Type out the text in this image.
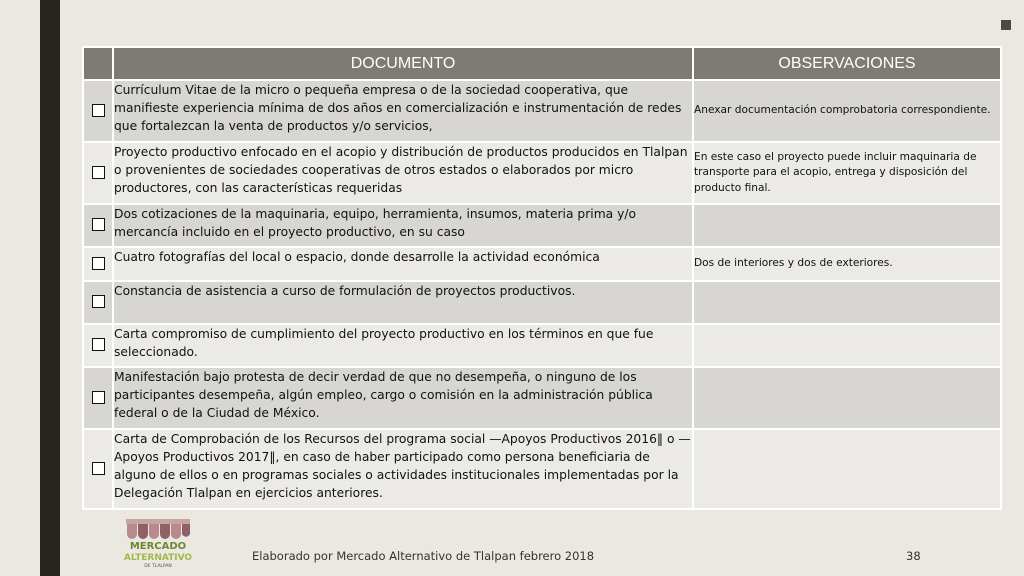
	DOCUMENTO	OBSERVACIONES
	Currículum Vitae de la micro o pequeña empresa o de la sociedad cooperativa, que manifieste experiencia mínima de dos años en comercialización e instrumentación de redes que fortalezcan la venta de productos y/o servicios,	Anexar documentación comprobatoria correspondiente.
	Proyecto productivo enfocado en el acopio y distribución de productos producidos en Tlalpan o provenientes de sociedades cooperativas de otros estados o elaborados por micro productores, con las características requeridas	En este caso el proyecto puede incluir maquinaria de transporte para el acopio, entrega y disposición del producto final.
	Dos cotizaciones de la maquinaria, equipo, herramienta, insumos, materia prima y/o mercancía incluido en el proyecto productivo, en su caso	
	Cuatro fotografías del local o espacio, donde desarrolle la actividad económica	Dos de interiores y dos de exteriores.
	Constancia de asistencia a curso de formulación de proyectos productivos.	
	Carta compromiso de cumplimiento del proyecto productivo en los términos en que fue seleccionado.	
	Manifestación bajo protesta de decir verdad de que no desempeña, o ninguno de los participantes desempeña, algún empleo, cargo o comisión en la administración pública federal o de la Ciudad de México.	
	Carta de Comprobación de los Recursos del programa social —Apoyos Productivos 2016‖ o —Apoyos Productivos 2017‖, en caso de haber participado como persona beneficiaria de alguno de ellos o en programas sociales o actividades institucionales implementadas por la Delegación Tlalpan en ejercicios anteriores.	
MERCADO
ALTERNATIVO
DE TLALPAN
Elaborado por Mercado Alternativo de Tlalpan febrero 2018	38
